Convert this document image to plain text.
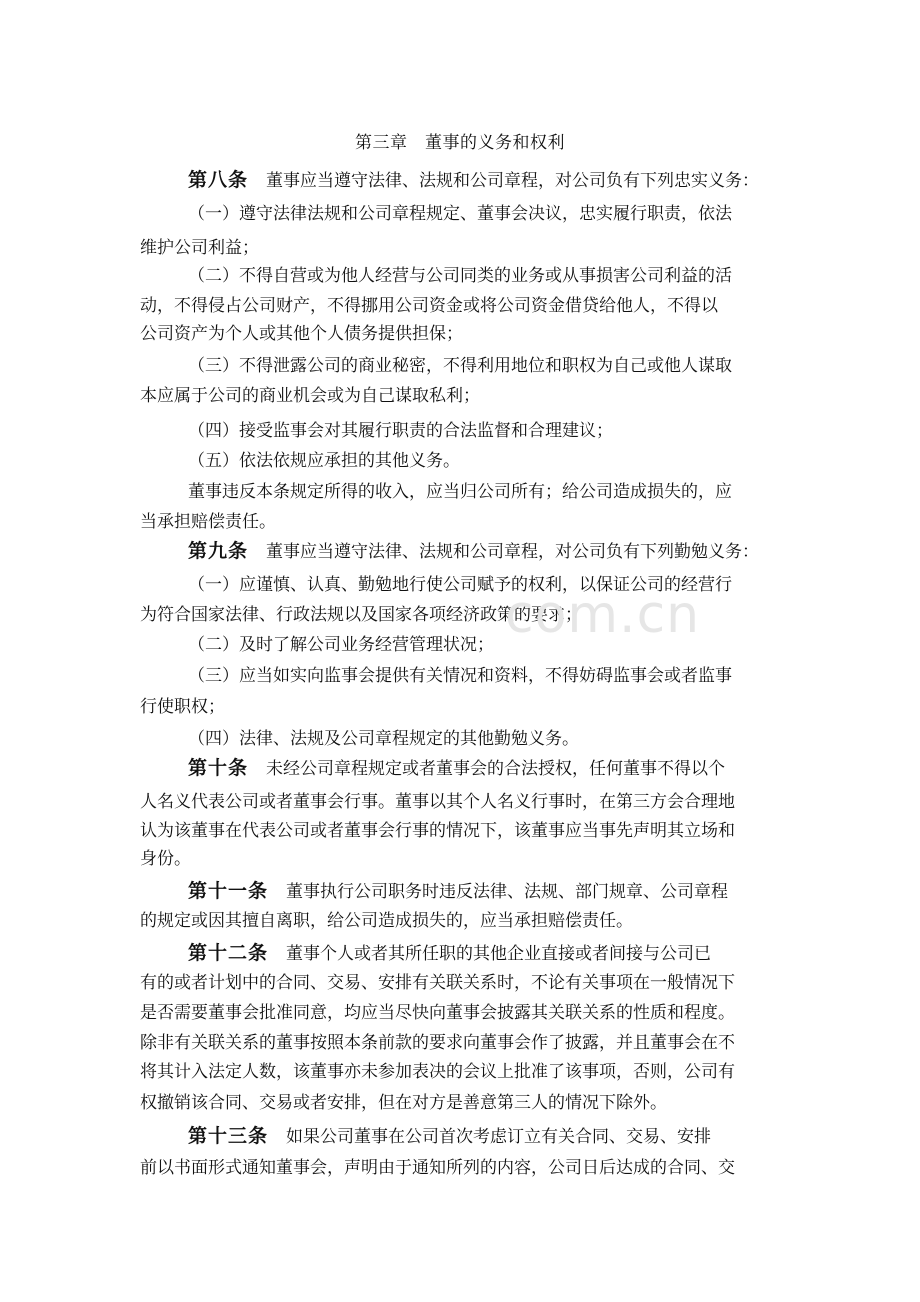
第三章　董事的义务和权利
第八条 董事应当遵守法律、法规和公司章程，对公司负有下列忠实义务：
（一）遵守法律法规和公司章程规定、董事会决议，忠实履行职责，依法
维护公司利益；
（二）不得自营或为他人经营与公司同类的业务或从事损害公司利益的活
动，不得侵占公司财产，不得挪用公司资金或将公司资金借贷给他人，不得以
公司资产为个人或其他个人债务提供担保；
（三）不得泄露公司的商业秘密，不得利用地位和职权为自己或他人谋取
本应属于公司的商业机会或为自己谋取私利；
（四）接受监事会对其履行职责的合法监督和合理建议；
（五）依法依规应承担的其他义务。
董事违反本条规定所得的收入，应当归公司所有；给公司造成损失的，应
当承担赔偿责任。
第九条 董事应当遵守法律、法规和公司章程，对公司负有下列勤勉义务：
（一）应谨慎、认真、勤勉地行使公司赋予的权利，以保证公司的经营行
为符合国家法律、行政法规以及国家各项经济政策的要求；
（二）及时了解公司业务经营管理状况；
（三）应当如实向监事会提供有关情况和资料，不得妨碍监事会或者监事
行使职权；
（四）法律、法规及公司章程规定的其他勤勉义务。
第十条 未经公司章程规定或者董事会的合法授权，任何董事不得以个
人名义代表公司或者董事会行事。董事以其个人名义行事时，在第三方会合理地
认为该董事在代表公司或者董事会行事的情况下，该董事应当事先声明其立场和
身份。
第十一条 董事执行公司职务时违反法律、法规、部门规章、公司章程
的规定或因其擅自离职，给公司造成损失的，应当承担赔偿责任。
第十二条 董事个人或者其所任职的其他企业直接或者间接与公司已
有的或者计划中的合同、交易、安排有关联关系时，不论有关事项在一般情况下
是否需要董事会批准同意，均应当尽快向董事会披露其关联关系的性质和程度。
除非有关联关系的董事按照本条前款的要求向董事会作了披露，并且董事会在不
将其计入法定人数，该董事亦未参加表决的会议上批准了该事项，否则，公司有
权撤销该合同、交易或者安排，但在对方是善意第三人的情况下除外。
第十三条 如果公司董事在公司首次考虑订立有关合同、交易、安排
前以书面形式通知董事会，声明由于通知所列的内容，公司日后达成的合同、交
com.cn
